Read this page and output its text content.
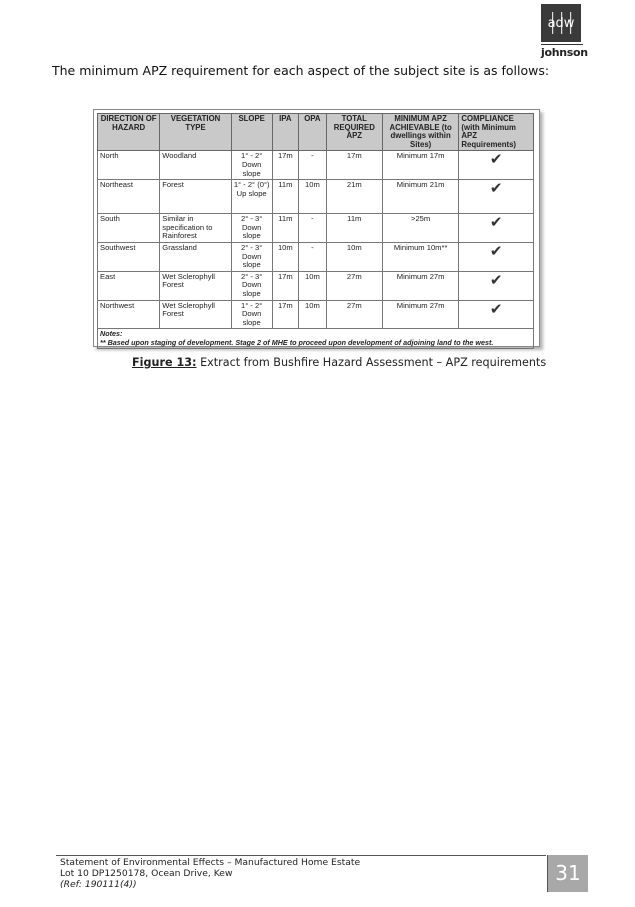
adw
johnson
The minimum APZ requirement for each aspect of the subject site is as follows:
DIRECTION OF HAZARD	VEGETATION TYPE	SLOPE	IPA	OPA	TOTAL REQUIRED APZ	MINIMUM APZ ACHIEVABLE (to dwellings within Sites)	COMPLIANCE (with Minimum APZ Requirements)
North	Woodland	1° - 2° Down slope	17m	-	17m	Minimum 17m	✔

Northeast	Forest	1° - 2° (0°) Up slope	11m	10m	21m	Minimum 21m	✔

South	Similar in specification to Rainforest	2° - 3° Down slope	11m	-	11m	>25m	✔

Southwest	Grassland	2° - 3° Down slope	10m	-	10m	Minimum 10m**	✔

East	Wet Sclerophyll Forest	2° - 3° Down slope	17m	10m	27m	Minimum 27m	✔

Northwest	Wet Sclerophyll Forest	1° - 2° Down slope	17m	10m	27m	Minimum 27m	✔

Notes:
** Based upon staging of development. Stage 2 of MHE to proceed upon development of adjoining land to the west.							
Figure 13: Extract from Bushfire Hazard Assessment – APZ requirements
Statement of Environmental Effects – Manufactured Home Estate
Lot 10 DP1250178, Ocean Drive, Kew
(Ref: 190111(4))	31
